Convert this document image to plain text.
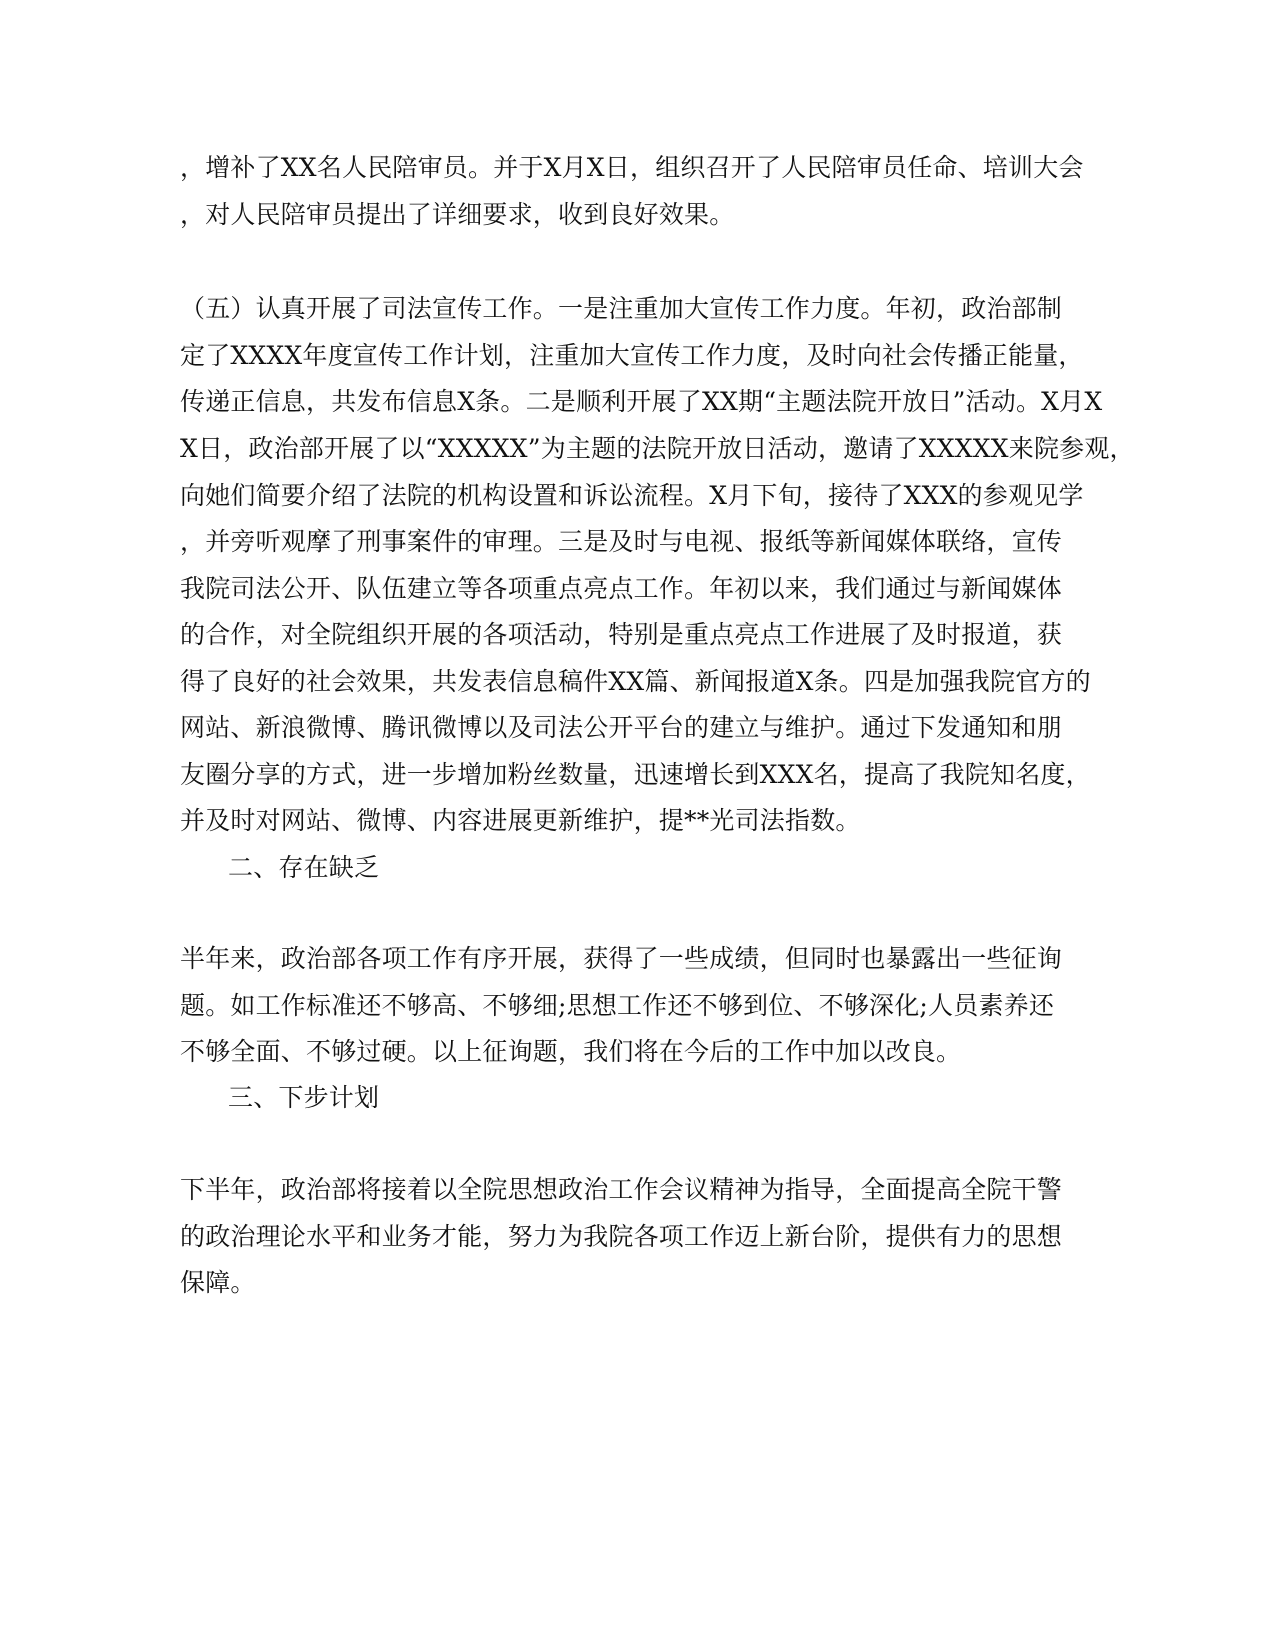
，增补了XX名人民陪审员。并于X月X日，组织召开了人民陪审员任命、培训大会
，对人民陪审员提出了详细要求，收到良好效果。
（五）认真开展了司法宣传工作。一是注重加大宣传工作力度。年初，政治部制
定了XXXX年度宣传工作计划，注重加大宣传工作力度，及时向社会传播正能量，
传递正信息，共发布信息X条。二是顺利开展了XX期“主题法院开放日”活动。X月X
X日，政治部开展了以“XXXXX”为主题的法院开放日活动，邀请了XXXXX来院参观，
向她们简要介绍了法院的机构设置和诉讼流程。X月下旬，接待了XXX的参观见学
，并旁听观摩了刑事案件的审理。三是及时与电视、报纸等新闻媒体联络，宣传
我院司法公开、队伍建立等各项重点亮点工作。年初以来，我们通过与新闻媒体
的合作，对全院组织开展的各项活动，特别是重点亮点工作进展了及时报道，获
得了良好的社会效果，共发表信息稿件XX篇、新闻报道X条。四是加强我院官方的
网站、新浪微博、腾讯微博以及司法公开平台的建立与维护。通过下发通知和朋
友圈分享的方式，进一步增加粉丝数量，迅速增长到XXX名，提高了我院知名度，
并及时对网站、微博、内容进展更新维护，提**光司法指数。
二、存在缺乏
半年来，政治部各项工作有序开展，获得了一些成绩，但同时也暴露出一些征询
题。如工作标准还不够高、不够细;思想工作还不够到位、不够深化;人员素养还
不够全面、不够过硬。以上征询题，我们将在今后的工作中加以改良。
三、下步计划
下半年，政治部将接着以全院思想政治工作会议精神为指导，全面提高全院干警
的政治理论水平和业务才能，努力为我院各项工作迈上新台阶，提供有力的思想
保障。
